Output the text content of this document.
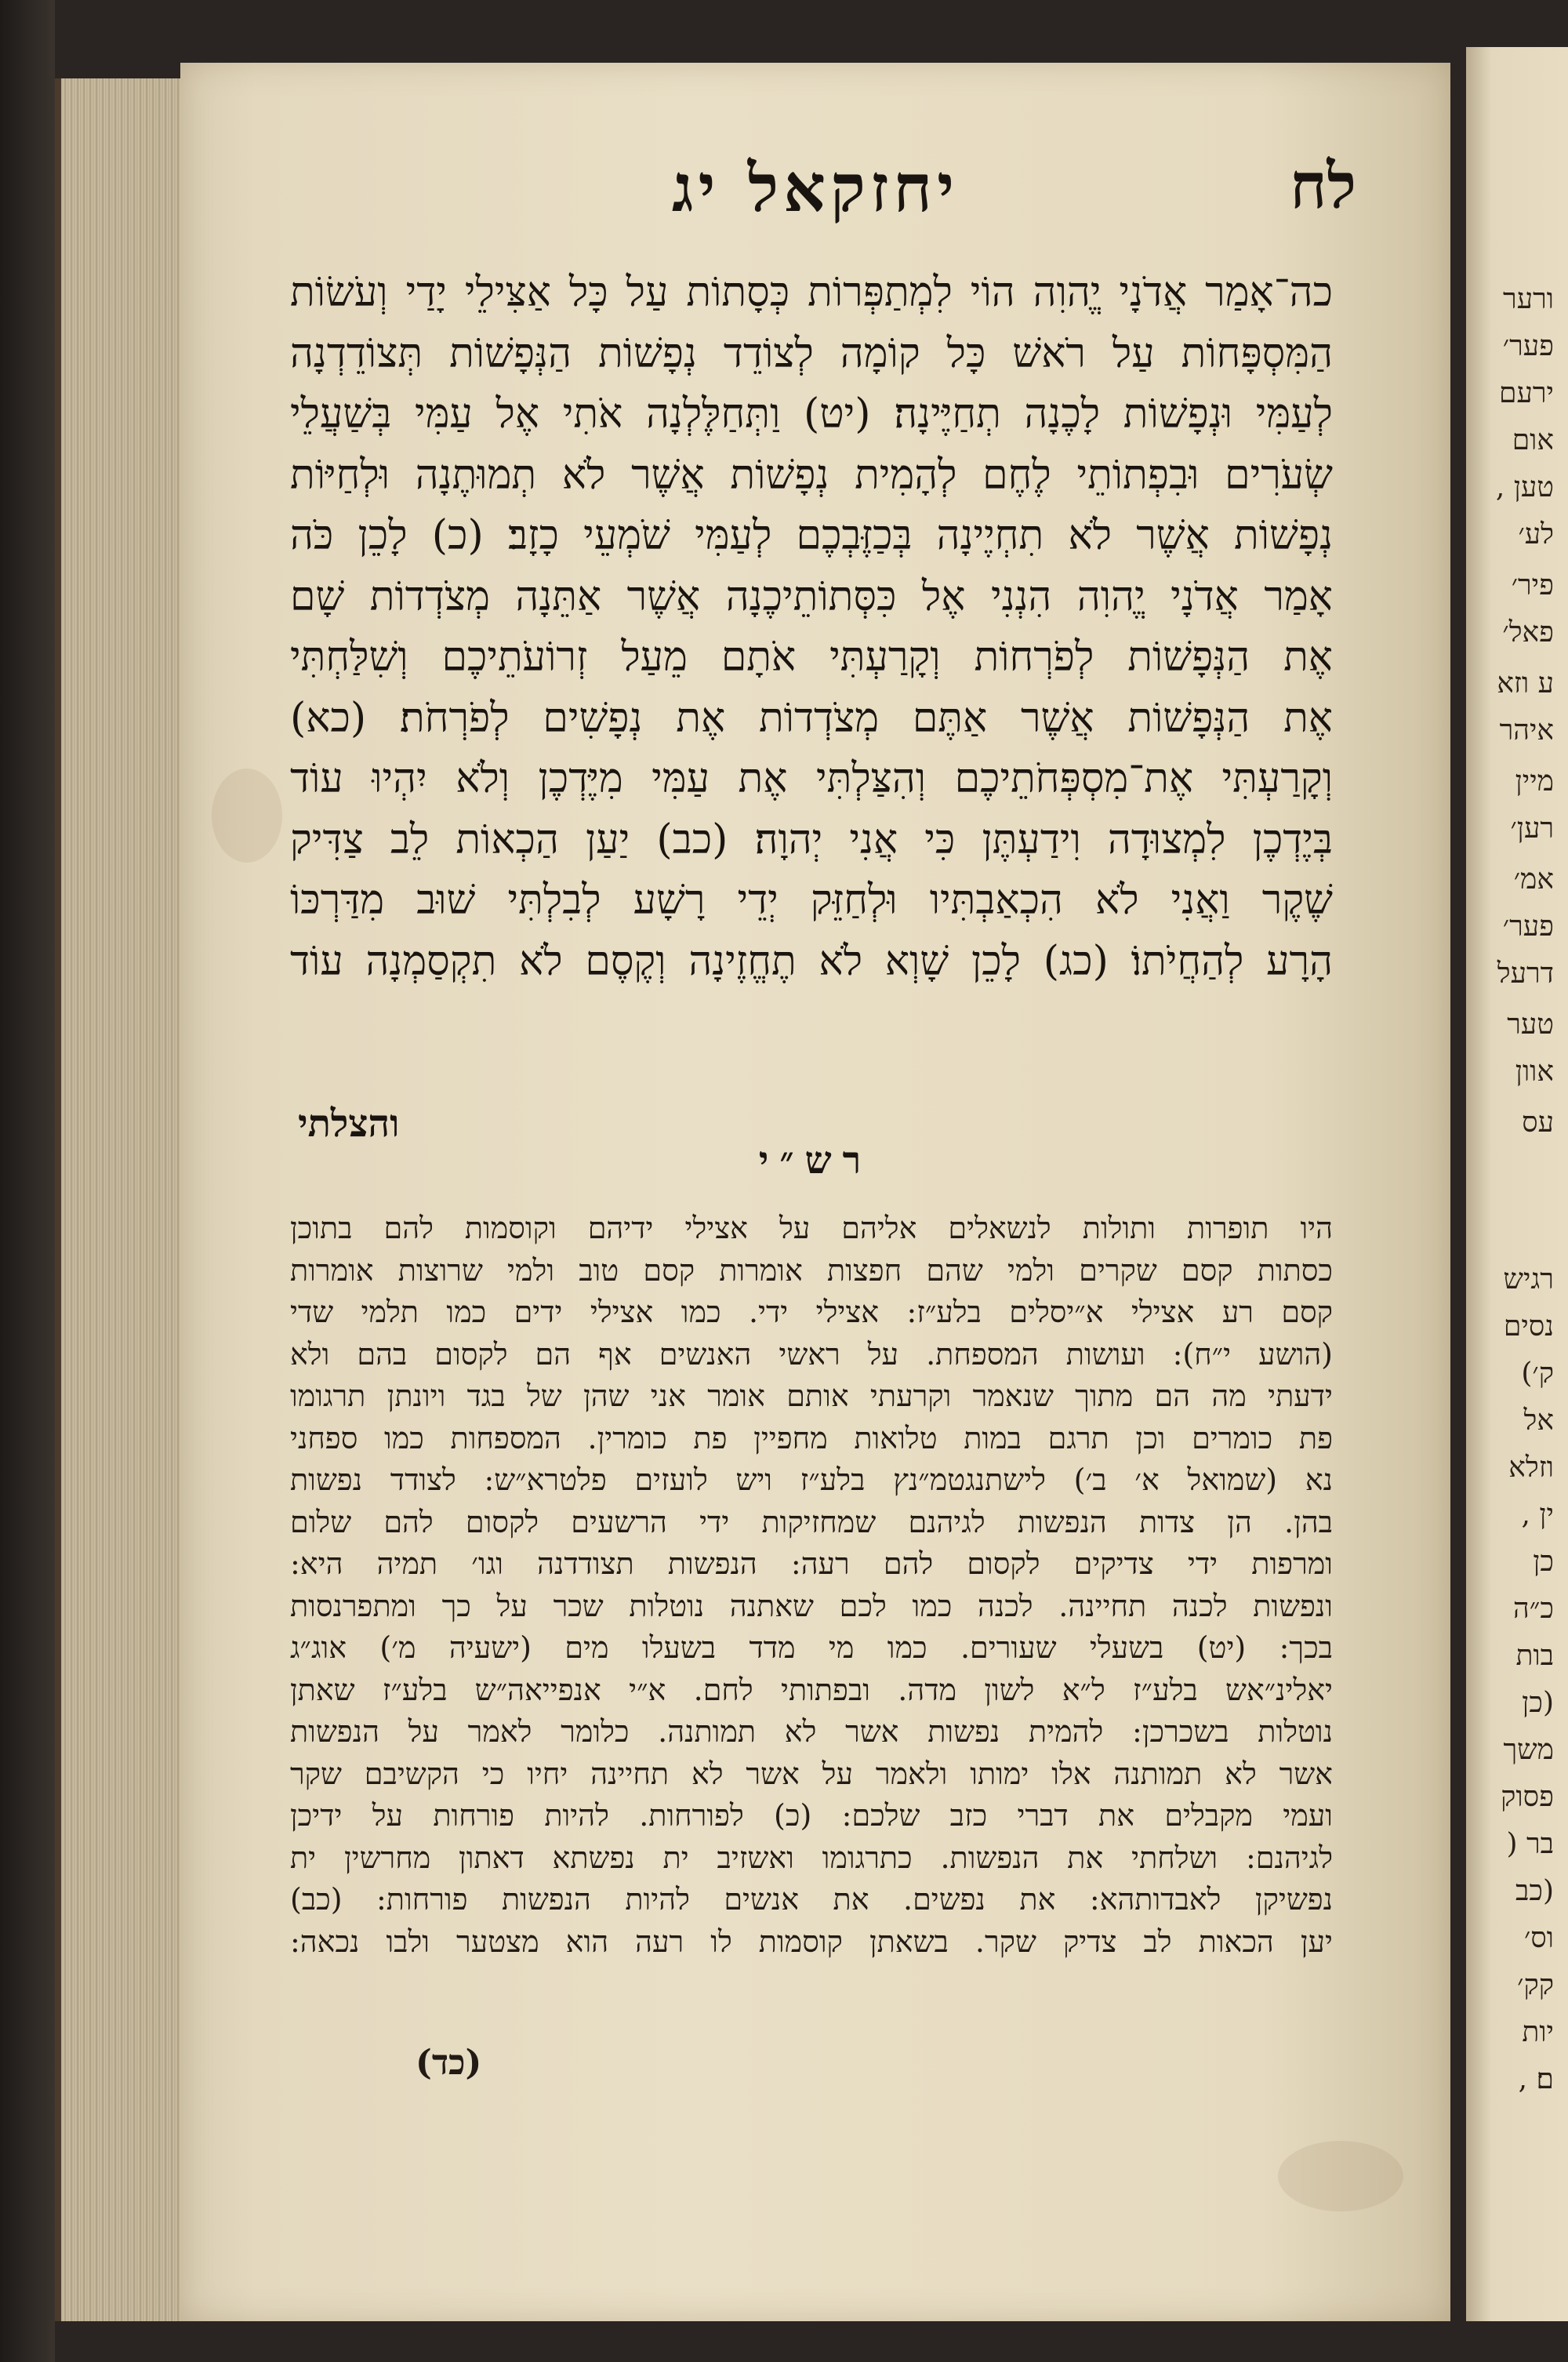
לח
יחזקאל יג
כה־אָמַר אֲדֹנָי יֱהוִה הוֹי לִמְתַפְּרוֹת כְּסָתוֹת עַל כָּל אַצִּילֵי יָדַי וְעֹשׂוֹת
הַמִּסְפָּחוֹת עַל רֹאשׁ כָּל קוֹמָה לְצוֹדֵד נְפָשׁוֹת הַנְּפָשׁוֹת תְּצוֹדֵדְנָה
לְעַמִּי וּנְפָשׁוֹת לָכֶנָה תְחַיֶּינָה׃ (יט) וַתְּחַלֶּלְנָה אֹתִי אֶל עַמִּי בְּשַׁעֲלֵי
שְׂעֹרִים וּבִפְתוֹתֵי לֶחֶם לְהָמִית נְפָשׁוֹת אֲשֶׁר לֹא תְמוּתֶנָה וּלְחַיּוֹת
נְפָשׁוֹת אֲשֶׁר לֹא תִחְיֶינָה בְּכַזֶּבְכֶם לְעַמִּי שֹׁמְעֵי כָזָב׃ (כ) לָכֵן כֹּה
אָמַר אֲדֹנָי יֱהוִה הִנְנִי אֶל כִּסְּתוֹתֵיכֶנָה אֲשֶׁר אַתֵּנָה מְצֹדְדוֹת שָׁם
אֶת הַנְּפָשׁוֹת לְפֹרְחוֹת וְקָרַעְתִּי אֹתָם מֵעַל זְרוֹעֹתֵיכֶם וְשִׁלַּחְתִּי
אֶת הַנְּפָשׁוֹת אֲשֶׁר אַתֶּם מְצֹדְדוֹת אֶת נְפָשִׁים לְפֹרְחֹת׃ (כא)
וְקָרַעְתִּי אֶת־מִסְפְּחֹתֵיכֶם וְהִצַּלְתִּי אֶת עַמִּי מִיֶּדְכֶן וְלֹא יִהְיוּ עוֹד
בְּיֶדְכֶן לִמְצוּדָה וִידַעְתֶּן כִּי אֲנִי יְהוָה׃ (כב) יַעַן הַכְאוֹת לֵב צַדִּיק
שֶׁקֶר וַאֲנִי לֹא הִכְאַבְתִּיו וּלְחַזֵּק יְדֵי רָשָׁע לְבִלְתִּי שׁוּב מִדַּרְכּוֹ
הָרָע לְהַחֲיֹתוֹ׃ (כג) לָכֵן שָׁוְא לֹא תֶחֱזֶינָה וְקֶסֶם לֹא תִקְסַמְנָה עוֹד
והצלתי
רש״י
היו תופרות ותולות לנשאלים אליהם על אצילי ידיהם וקוסמות להם בתוכן
כסתות קסם שקרים ולמי שהם חפצות אומרות קסם טוב ולמי שרוצות אומרות
קסם רע אצילי א״יסלים בלע״ז: אצילי ידי. כמו אצילי ידים כמו תלמי שדי
(הושע י״ח): ועושות המספחת. על ראשי האנשים אף הם לקסום בהם ולא
ידעתי מה הם מתוך שנאמר וקרעתי אותם אומר אני שהן של בגד ויונתן תרגומו
פת כומרים וכן תרגם במות טלואות מחפיין פת כומרין. המספחות כמו ספחני
נא (שמואל א׳ ב׳) לישתנגטמ״נץ בלע״ז ויש לועזים פלטרא״ש: לצודד נפשות
בהן. הן צדות הנפשות לגיהנם שמחזיקות ידי הרשעים לקסום להם שלום
ומרפות ידי צדיקים לקסום להם רעה: הנפשות תצודדנה וגו׳ תמיה היא:
ונפשות לכנה תחיינה. לכנה כמו לכם שאתנה נוטלות שכר על כך ומתפרנסות
בכך: (יט) בשעלי שעורים. כמו מי מדד בשעלו מים (ישעיה מ׳) אוג״ג
יאלינ״אש בלע״ז ל״א לשון מדה. ובפתותי לחם. א״י אנפייאה״ש בלע״ז שאתן
נוטלות בשכרכן: להמית נפשות אשר לא תמותנה. כלומר לאמר על הנפשות
אשר לא תמותנה אלו ימותו ולאמר על אשר לא תחיינה יחיו כי הקשיבם שקר
ועמי מקבלים את דברי כזב שלכם: (כ) לפורחות. להיות פורחות על ידיכן
לגיהנם: ושלחתי את הנפשות. כתרגומו ואשזיב ית נפשתא דאתון מחרשין ית
נפשיקן לאבדותהא: את נפשים. את אנשים להיות הנפשות פורחות: (כב)
יען הכאות לב צדיק שקר. בשאתן קוסמות לו רעה הוא מצטער ולבו נכאה:
(כד)
ורער
פער׳
ירעם
אום
טען ,
לע׳
פיר׳
פאל׳
ע וזא
איהר
מיין
רען׳
אמ׳
פער׳
דרעל
טער
אוון
עס
רגיש
נסים
ק׳)
אל
וזלא
ין ,
כן
כ״ה
בות
(כן
משך
פסוק
בר (
(כב
וס׳
קק׳
יות
ם׃ ,
